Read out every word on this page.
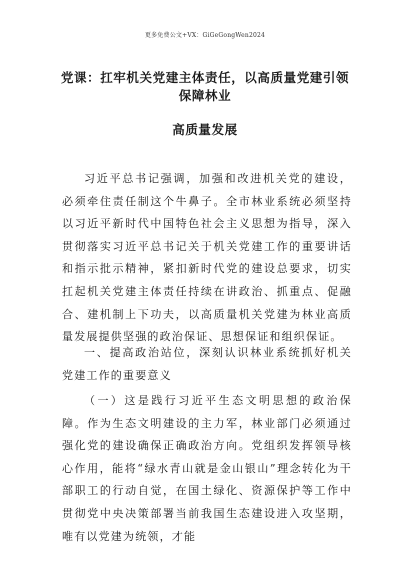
更多免费公文+VX：GiGeGongWen2024
党课：扛牢机关党建主体责任，以高质量党建引领保障林业
高质量发展
习近平总书记强调，加强和改进机关党的建设，必须牵住责任制这个牛鼻子。全市林业系统必须坚持以习近平新时代中国特色社会主义思想为指导，深入贯彻落实习近平总书记关于机关党建工作的重要讲话和指示批示精神，紧扣新时代党的建设总要求，切实扛起机关党建主体责任持续在讲政治、抓重点、促融合、建机制上下功夫，以高质量机关党建为林业高质量发展提供坚强的政治保证、思想保证和组织保证。
一、提高政治站位，深刻认识林业系统抓好机关党建工作的重要意义
（一）这是践行习近平生态文明思想的政治保障。作为生态文明建设的主力军，林业部门必须通过强化党的建设确保正确政治方向。党组织发挥领导核心作用，能将“绿水青山就是金山银山”理念转化为干部职工的行动自觉，在国土绿化、资源保护等工作中贯彻党中央决策部署当前我国生态建设进入攻坚期，唯有以党建为统领，才能
